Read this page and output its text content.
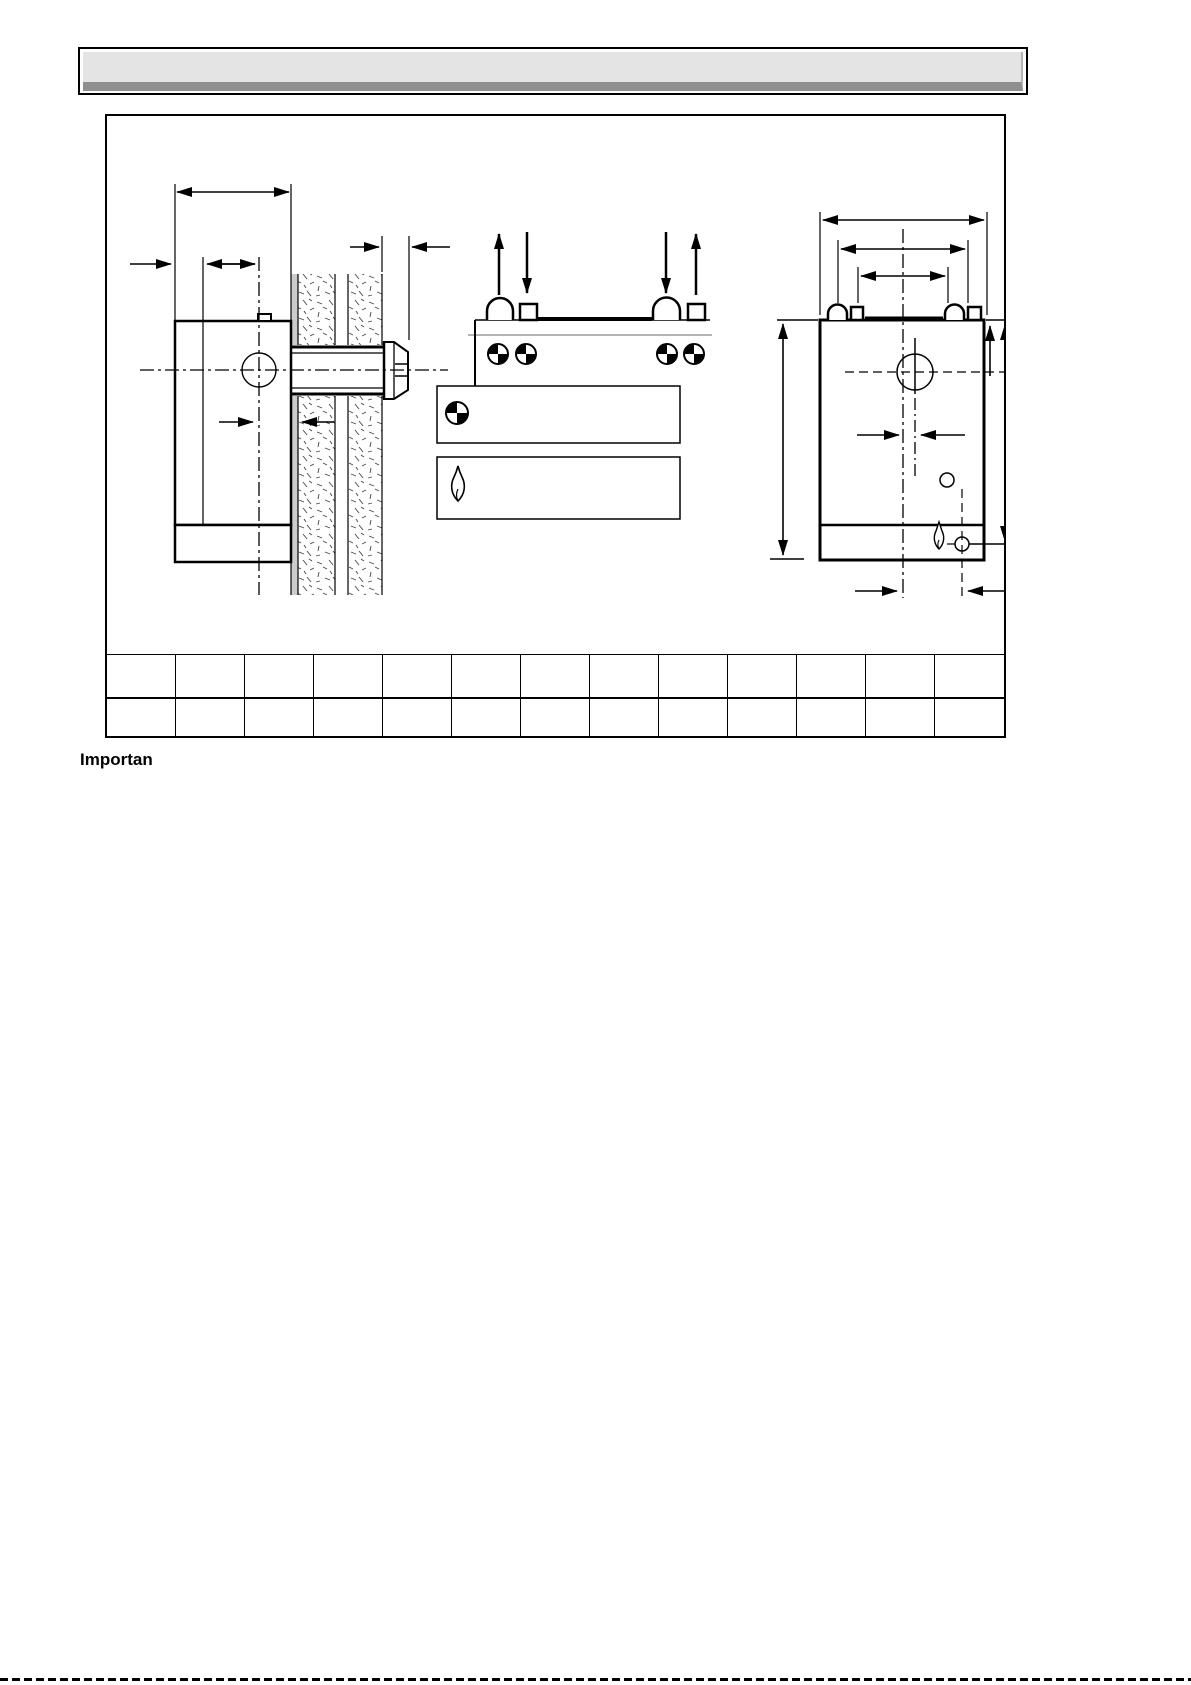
Importan
